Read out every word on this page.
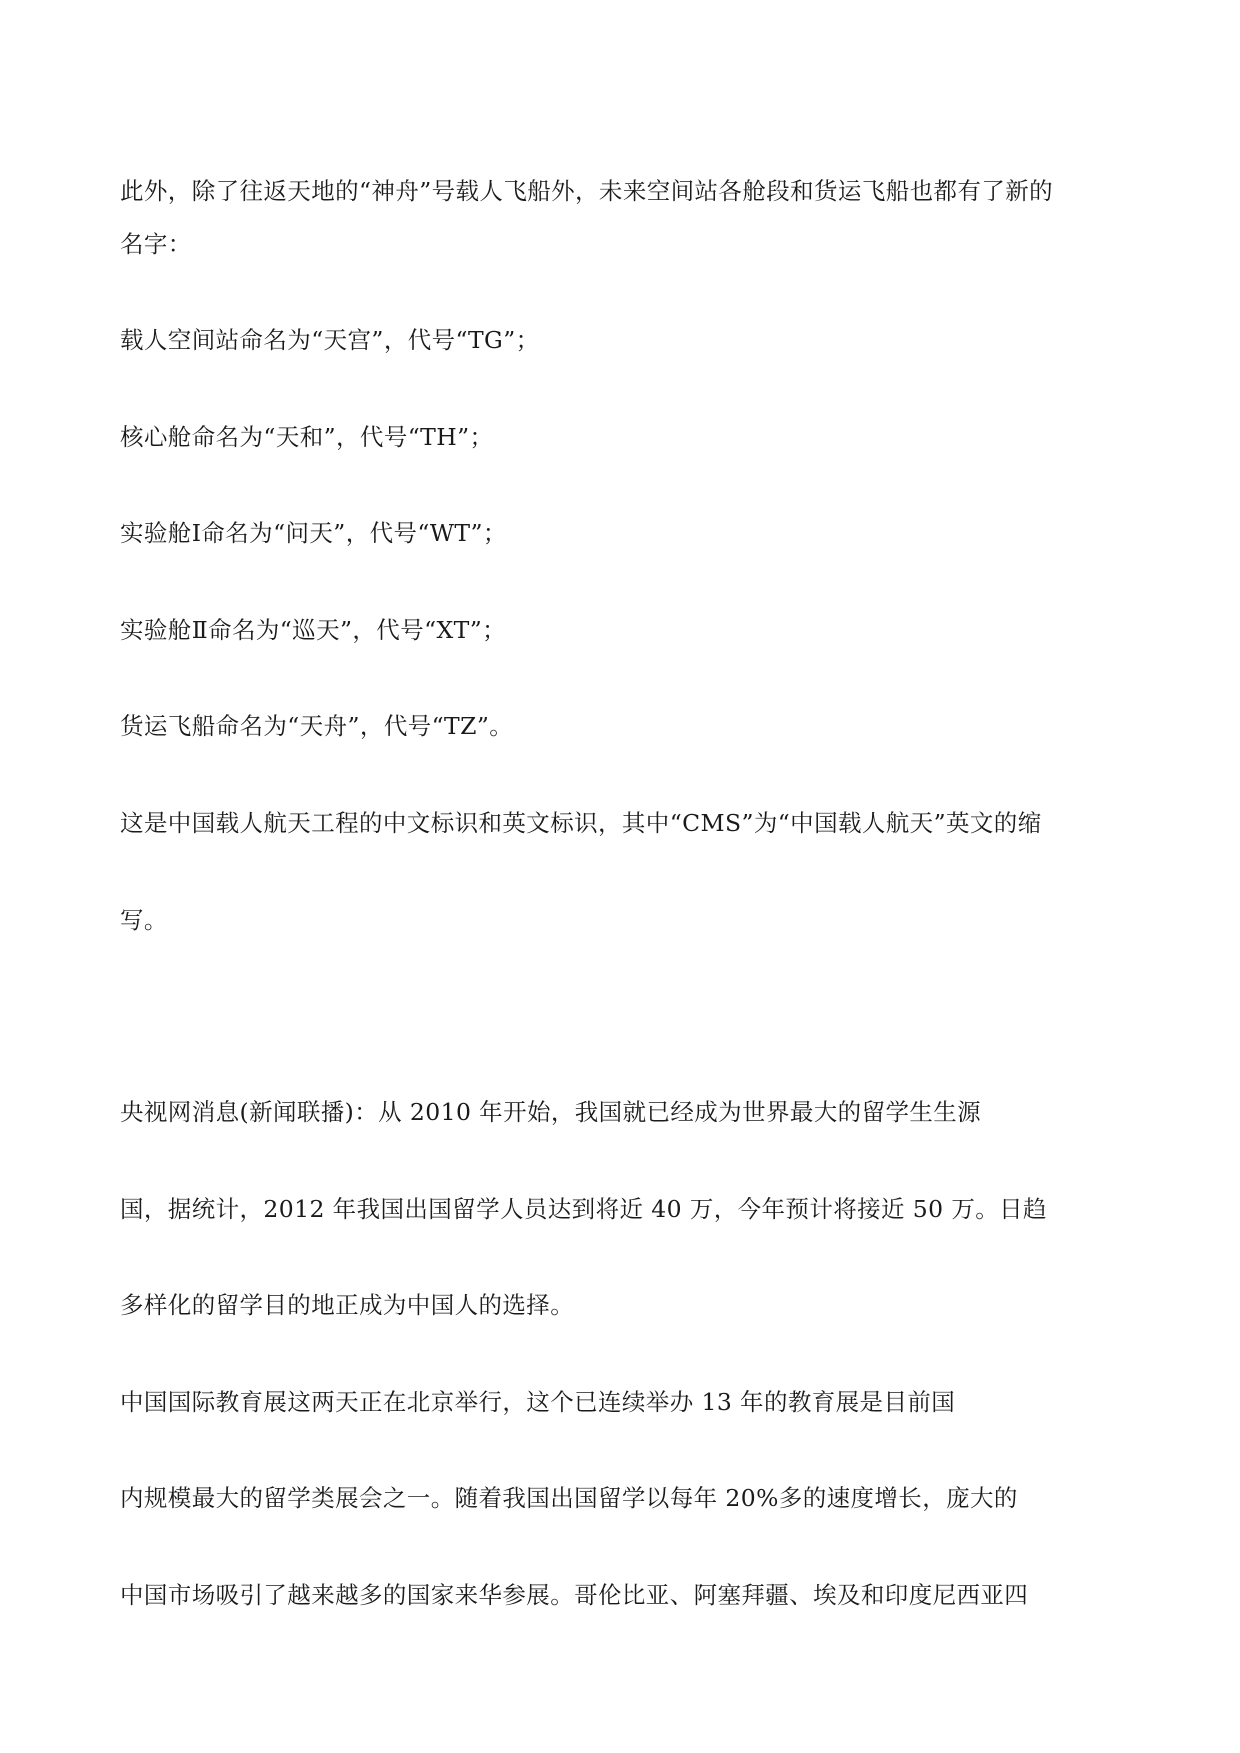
此外，除了往返天地的“神舟”号载人飞船外，未来空间站各舱段和货运飞船也都有了新的
名字：
载人空间站命名为“天宫”，代号“TG”；
核心舱命名为“天和”，代号“TH”；
实验舱Ⅰ命名为“问天”，代号“WT”；
实验舱Ⅱ命名为“巡天”，代号“XT”；
货运飞船命名为“天舟”，代号“TZ”。
这是中国载人航天工程的中文标识和英文标识，其中“CMS”为“中国载人航天”英文的缩
写。
央视网消息(新闻联播)：从 2010 年开始，我国就已经成为世界最大的留学生生源
国，据统计，2012 年我国出国留学人员达到将近 40 万，今年预计将接近 50 万。日趋
多样化的留学目的地正成为中国人的选择。
中国国际教育展这两天正在北京举行，这个已连续举办 13 年的教育展是目前国
内规模最大的留学类展会之一。随着我国出国留学以每年 20%多的速度增长，庞大的
中国市场吸引了越来越多的国家来华参展。哥伦比亚、阿塞拜疆、埃及和印度尼西亚四
